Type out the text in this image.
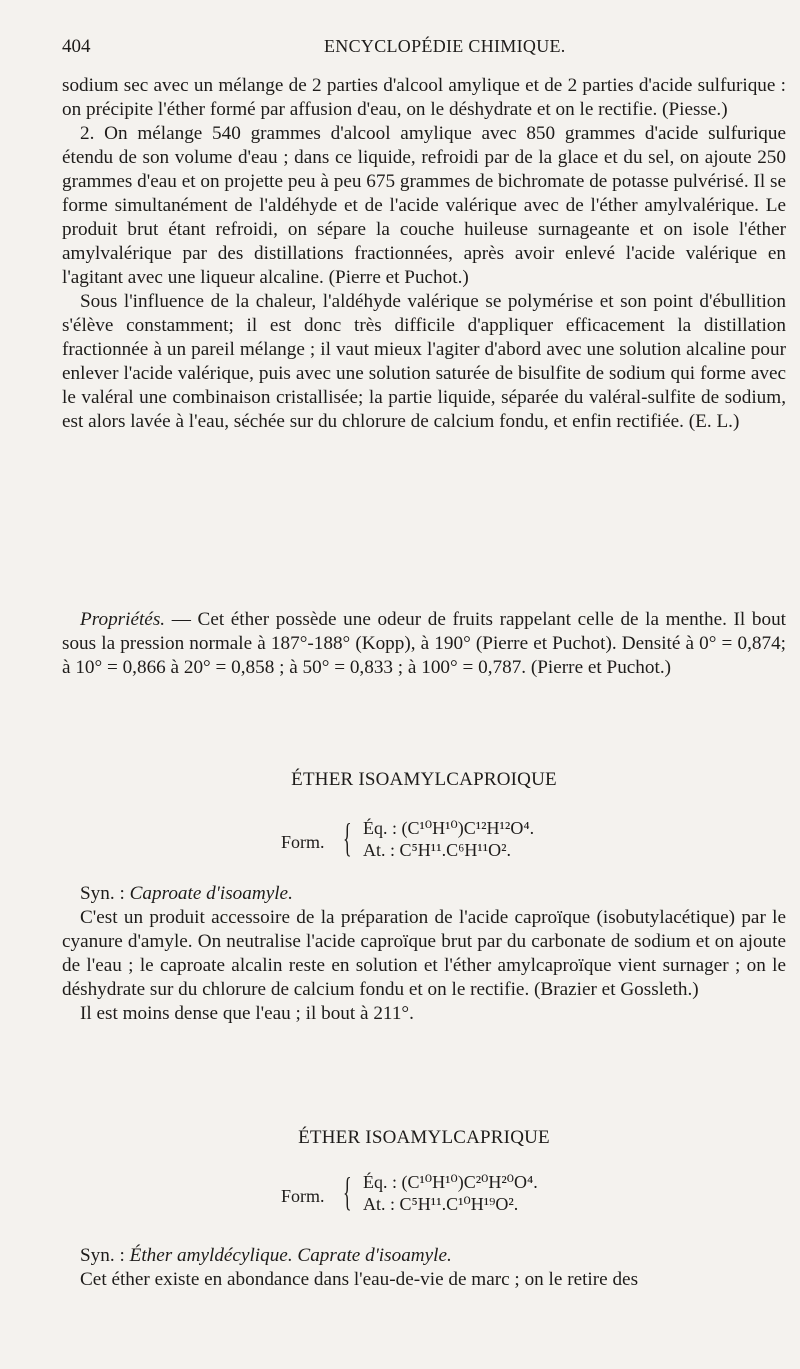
404	ENCYCLOPÉDIE CHIMIQUE.

sodium sec avec un mélange de 2 parties d'alcool amylique et de 2 parties d'acide sulfurique : on précipite l'éther formé par affusion d'eau, on le déshydrate et on le rectifie. (Piesse.)

2. On mélange 540 grammes d'alcool amylique avec 850 grammes d'acide sulfurique étendu de son volume d'eau ; dans ce liquide, refroidi par de la glace et du sel, on ajoute 250 grammes d'eau et on projette peu à peu 675 grammes de bichromate de potasse pulvérisé. Il se forme simultanément de l'aldéhyde et de l'acide valérique avec de l'éther amylvalérique. Le produit brut étant refroidi, on sépare la couche huileuse surnageante et on isole l'éther amylvalérique par des distillations fractionnées, après avoir enlevé l'acide valérique en l'agitant avec une liqueur alcaline. (Pierre et Puchot.)

Sous l'influence de la chaleur, l'aldéhyde valérique se polymérise et son point d'ébullition s'élève constamment; il est donc très difficile d'appliquer efficacement la distillation fractionnée à un pareil mélange ; il vaut mieux l'agiter d'abord avec une solution alcaline pour enlever l'acide valérique, puis avec une solution saturée de bisulfite de sodium qui forme avec le valéral une combinaison cristallisée; la partie liquide, séparée du valéral-sulfite de sodium, est alors lavée à l'eau, séchée sur du chlorure de calcium fondu, et enfin rectifiée. (E. L.)

Propriétés. — Cet éther possède une odeur de fruits rappelant celle de la menthe. Il bout sous la pression normale à 187°-188° (Kopp), à 190° (Pierre et Puchot). Densité à 0° = 0,874; à 10° = 0,866 à 20° = 0,858 ; à 50° = 0,833 ; à 100° = 0,787. (Pierre et Puchot.)

ÉTHER ISOAMYLCAPROIQUE
Form. { Éq. : (C¹⁰H¹⁰)C¹²H¹²O⁴.
At. : C⁵H¹¹.C⁶H¹¹O².
Syn. : Caproate d'isoamyle.

C'est un produit accessoire de la préparation de l'acide caproïque (isobutylacétique) par le cyanure d'amyle. On neutralise l'acide caproïque brut par du carbonate de sodium et on ajoute de l'eau ; le caproate alcalin reste en solution et l'éther amylcaproïque vient surnager ; on le déshydrate sur du chlorure de calcium fondu et on le rectifie. (Brazier et Gossleth.)

Il est moins dense que l'eau ; il bout à 211°.

ÉTHER ISOAMYLCAPRIQUE
Form. { Éq. : (C¹⁰H¹⁰)C²⁰H²⁰O⁴.
At. : C⁵H¹¹.C¹⁰H¹⁹O².
Syn. : Éther amyldécylique. Caprate d'isoamyle.

Cet éther existe en abondance dans l'eau-de-vie de marc ; on le retire des
